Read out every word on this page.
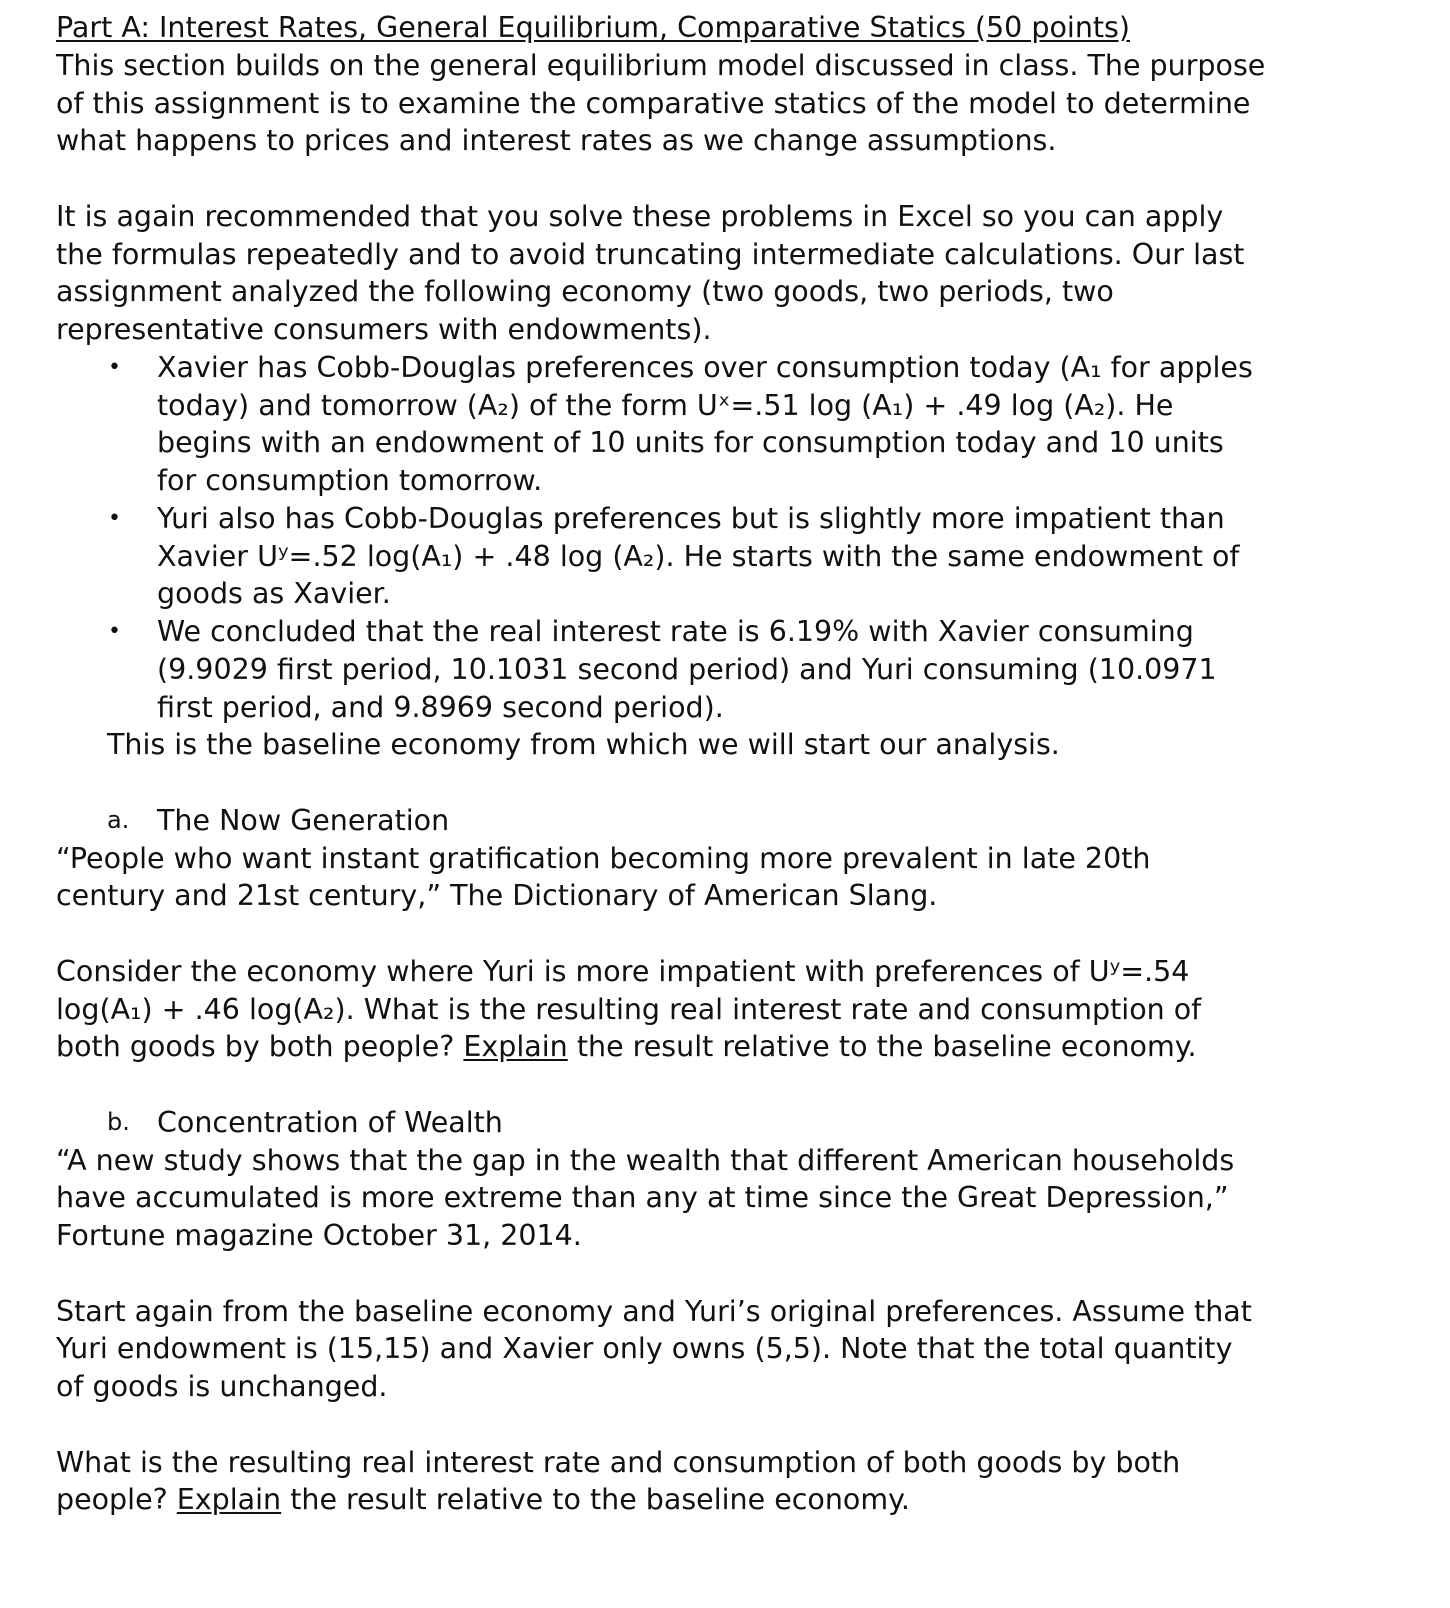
Part A: Interest Rates, General Equilibrium, Comparative Statics (50 points)
This section builds on the general equilibrium model discussed in class. The purpose
of this assignment is to examine the comparative statics of the model to determine
what happens to prices and interest rates as we change assumptions.
It is again recommended that you solve these problems in Excel so you can apply
the formulas repeatedly and to avoid truncating intermediate calculations. Our last
assignment analyzed the following economy (two goods, two periods, two
representative consumers with endowments).
• Xavier has Cobb-Douglas preferences over consumption today (A₁ for apples
today) and tomorrow (A₂) of the form Uˣ=.51 log (A₁) + .49 log (A₂). He
begins with an endowment of 10 units for consumption today and 10 units
for consumption tomorrow.
• Yuri also has Cobb-Douglas preferences but is slightly more impatient than
Xavier Uʸ=.52 log(A₁) + .48 log (A₂). He starts with the same endowment of
goods as Xavier.
• We concluded that the real interest rate is 6.19% with Xavier consuming
(9.9029 first period, 10.1031 second period) and Yuri consuming (10.0971
first period, and 9.8969 second period).
This is the baseline economy from which we will start our analysis.
a. The Now Generation
“People who want instant gratification becoming more prevalent in late 20th
century and 21st century,” The Dictionary of American Slang.
Consider the economy where Yuri is more impatient with preferences of Uʸ=.54
log(A₁) + .46 log(A₂). What is the resulting real interest rate and consumption of
both goods by both people? Explain the result relative to the baseline economy.
b. Concentration of Wealth
“A new study shows that the gap in the wealth that different American households
have accumulated is more extreme than any at time since the Great Depression,”
Fortune magazine October 31, 2014.
Start again from the baseline economy and Yuri’s original preferences. Assume that
Yuri endowment is (15,15) and Xavier only owns (5,5). Note that the total quantity
of goods is unchanged.
What is the resulting real interest rate and consumption of both goods by both
people? Explain the result relative to the baseline economy.
